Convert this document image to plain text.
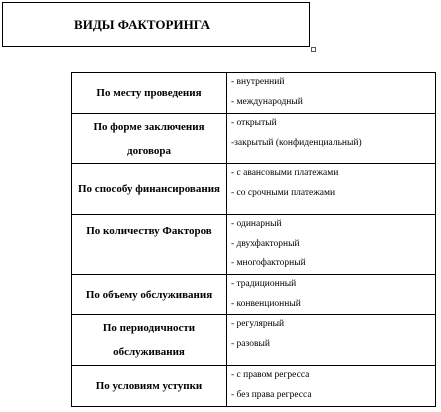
ВИДЫ ФАКТОРИНГА
По месту проведения	- внутренний
- международный

По форме заключения договора	- открытый
-закрытый (конфиденциальный)

По способу финансирования	- с авансовыми платежами
- со срочными платежами

По количеству Факторов	- одинарный
- двухфакторный
- многофакторный

По объему обслуживания	- традиционный
- конвенционный

По периодичности обслуживания	- регулярный
- разовый

По условиям уступки	- с правом регресса
- без права регресса
